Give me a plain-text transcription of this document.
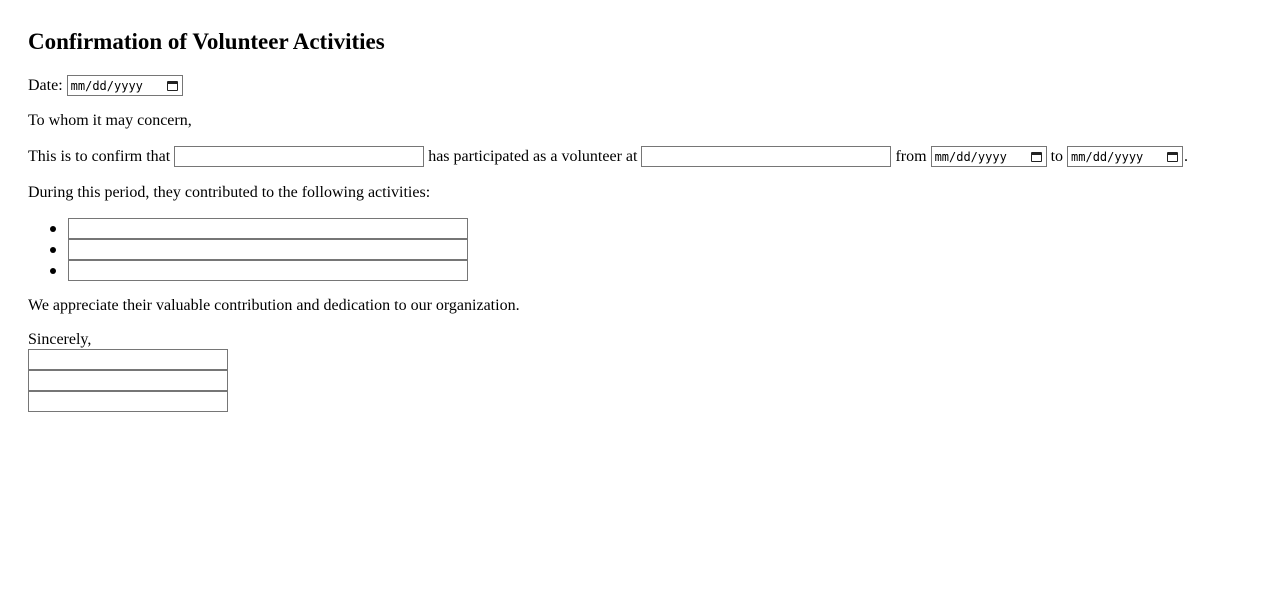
Confirmation of Volunteer Activities
Date: mm/dd/yyyy
To whom it may concern,
This is to confirm that	has participated as a volunteer at	from mm/dd/yyyy	to mm/dd/yyyy	.
During this period, they contributed to the following activities:
We appreciate their valuable contribution and dedication to our organization.
Sincerely,
